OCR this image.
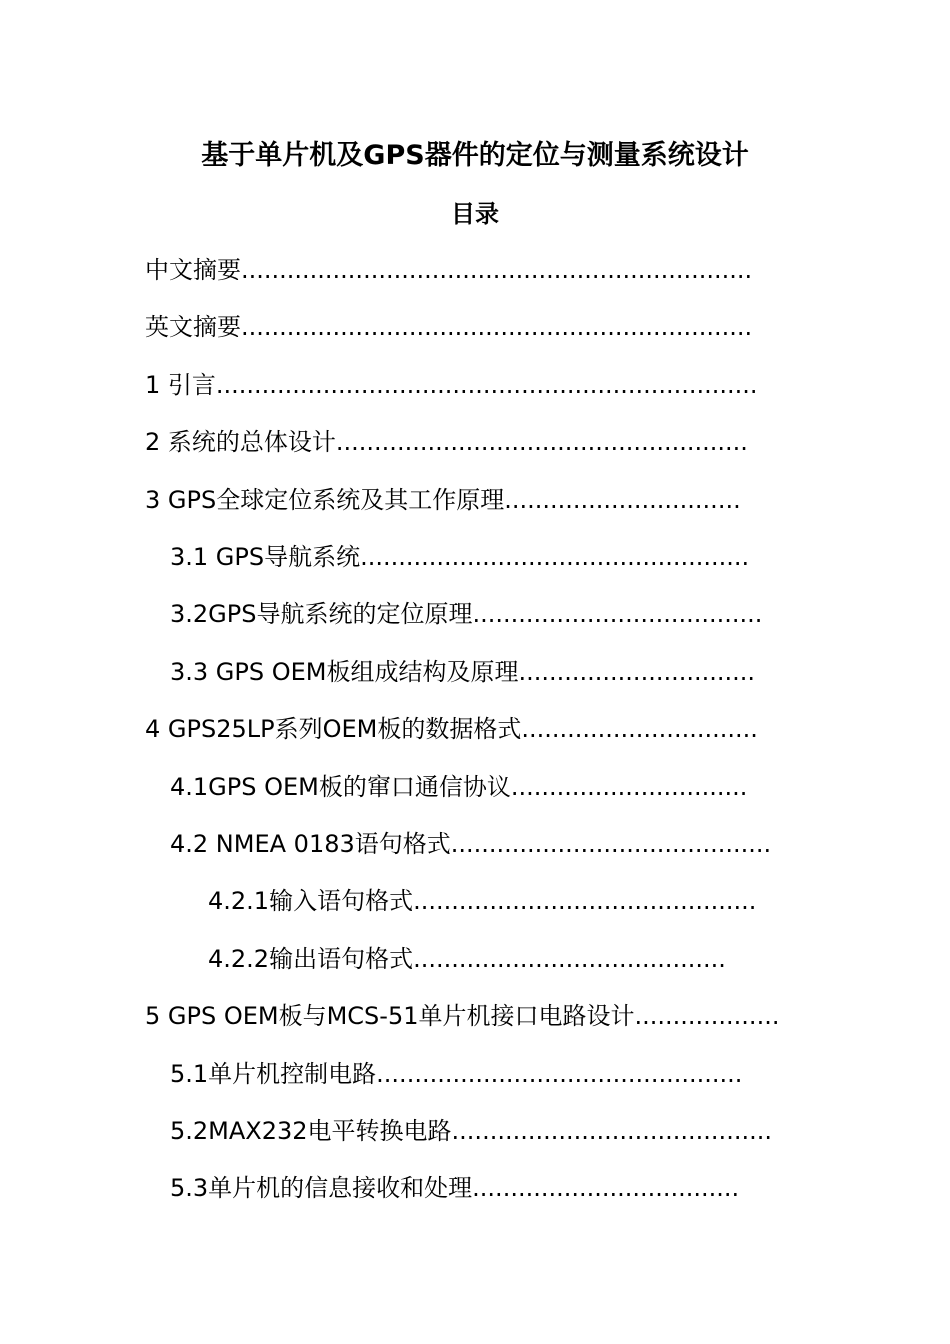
基于单片机及GPS器件的定位与测量系统设计
目录
中文摘要...................................................................
英文摘要...................................................................
1 引言.......................................................................
2 系统的总体设计......................................................
3 GPS全球定位系统及其工作原理...............................
3.1 GPS导航系统...................................................
3.2GPS导航系统的定位原理......................................
3.3 GPS OEM板组成结构及原理...............................
4 GPS25LP系列OEM板的数据格式...............................
4.1GPS OEM板的窜口通信协议...............................
4.2 NMEA 0183语句格式..........................................
4.2.1输入语句格式.............................................
4.2.2输出语句格式.........................................
5 GPS OEM板与MCS-51单片机接口电路设计...................
5.1单片机控制电路................................................
5.2MAX232电平转换电路..........................................
5.3单片机的信息接收和处理...................................
